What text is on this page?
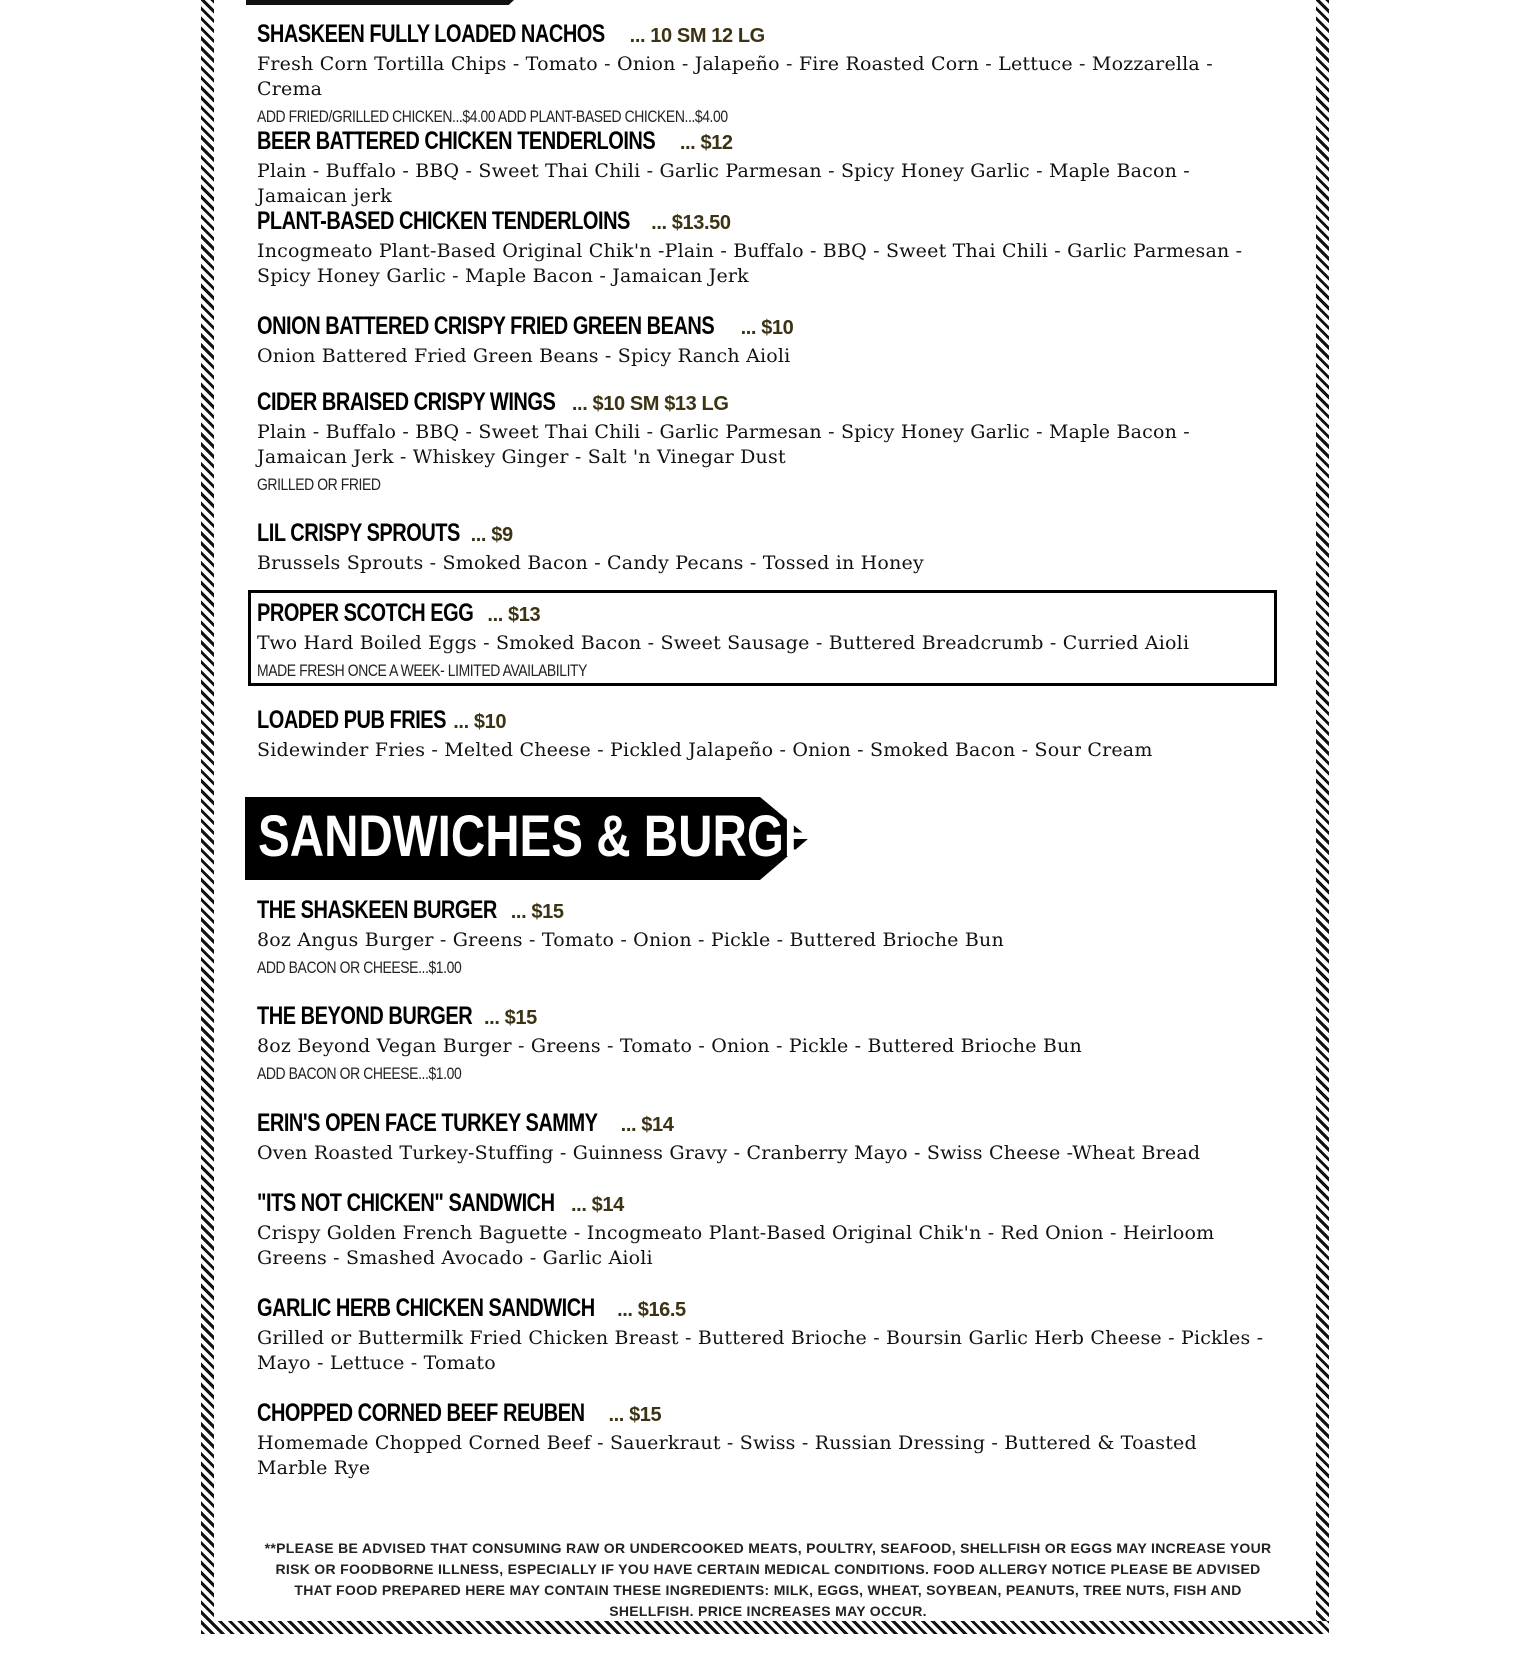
SHASKEEN FULLY LOADED NACHOS ... 10 SM 12 LG
Fresh Corn Tortilla Chips - Tomato - Onion - Jalapeño - Fire Roasted Corn - Lettuce - Mozzarella - Crema
ADD FRIED/GRILLED CHICKEN...$4.00 ADD PLANT-BASED CHICKEN...$4.00
BEER BATTERED CHICKEN TENDERLOINS ... $12
Plain - Buffalo - BBQ - Sweet Thai Chili - Garlic Parmesan - Spicy Honey Garlic - Maple Bacon - Jamaican jerk
PLANT-BASED CHICKEN TENDERLOINS ... $13.50
Incogmeato Plant-Based Original Chik'n -Plain - Buffalo - BBQ - Sweet Thai Chili - Garlic Parmesan - Spicy Honey Garlic - Maple Bacon - Jamaican Jerk
ONION BATTERED CRISPY FRIED GREEN BEANS ... $10
Onion Battered Fried Green Beans - Spicy Ranch Aioli
CIDER BRAISED CRISPY WINGS ... $10 SM $13 LG
Plain - Buffalo - BBQ - Sweet Thai Chili - Garlic Parmesan - Spicy Honey Garlic - Maple Bacon - Jamaican Jerk - Whiskey Ginger - Salt 'n Vinegar Dust
GRILLED OR FRIED
LIL CRISPY SPROUTS ... $9
Brussels Sprouts - Smoked Bacon - Candy Pecans - Tossed in Honey
PROPER SCOTCH EGG ... $13
Two Hard Boiled Eggs - Smoked Bacon - Sweet Sausage - Buttered Breadcrumb - Curried Aioli
MADE FRESH ONCE A WEEK- LIMITED AVAILABILITY
LOADED PUB FRIES ... $10
Sidewinder Fries - Melted Cheese - Pickled Jalapeño - Onion - Smoked Bacon - Sour Cream
SANDWICHES & BURGERS
THE SHASKEEN BURGER ... $15
8oz Angus Burger - Greens - Tomato - Onion - Pickle - Buttered Brioche Bun
ADD BACON OR CHEESE...$1.00
THE BEYOND BURGER ... $15
8oz Beyond Vegan Burger - Greens - Tomato - Onion - Pickle - Buttered Brioche Bun
ADD BACON OR CHEESE...$1.00
ERIN'S OPEN FACE TURKEY SAMMY ... $14
Oven Roasted Turkey-Stuffing - Guinness Gravy - Cranberry Mayo - Swiss Cheese -Wheat Bread
"ITS NOT CHICKEN" SANDWICH ... $14
Crispy Golden French Baguette - Incogmeato Plant-Based Original Chik'n - Red Onion - Heirloom Greens - Smashed Avocado - Garlic Aioli
GARLIC HERB CHICKEN SANDWICH ... $16.5
Grilled or Buttermilk Fried Chicken Breast - Buttered Brioche - Boursin Garlic Herb Cheese - Pickles - Mayo - Lettuce - Tomato
CHOPPED CORNED BEEF REUBEN ... $15
Homemade Chopped Corned Beef - Sauerkraut - Swiss - Russian Dressing - Buttered & Toasted Marble Rye
**PLEASE BE ADVISED THAT CONSUMING RAW OR UNDERCOOKED MEATS, POULTRY, SEAFOOD, SHELLFISH OR EGGS MAY INCREASE YOUR RISK OR FOODBORNE ILLNESS, ESPECIALLY IF YOU HAVE CERTAIN MEDICAL CONDITIONS. FOOD ALLERGY NOTICE PLEASE BE ADVISED THAT FOOD PREPARED HERE MAY CONTAIN THESE INGREDIENTS: MILK, EGGS, WHEAT, SOYBEAN, PEANUTS, TREE NUTS, FISH AND SHELLFISH. PRICE INCREASES MAY OCCUR.
